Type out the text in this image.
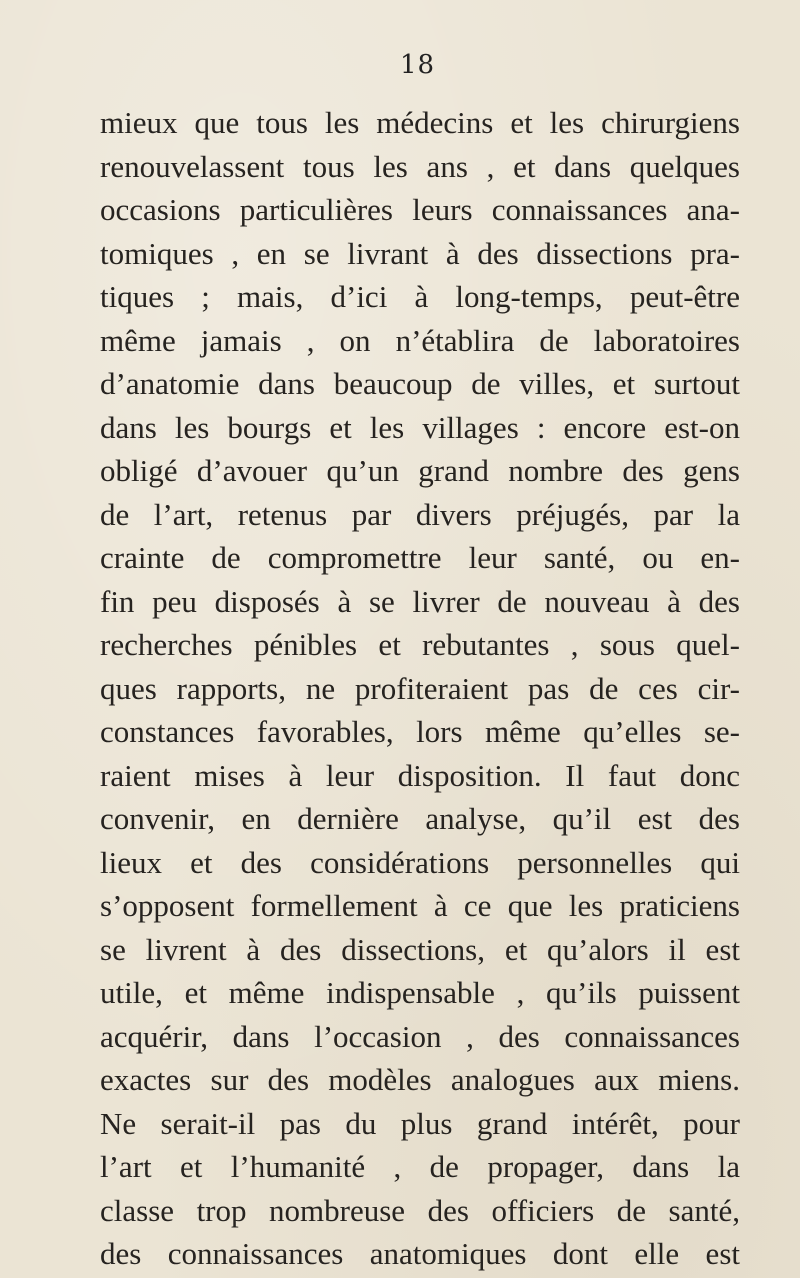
18
mieux que tous les médecins et les chirurgiens
renouvelassent tous les ans , et dans quelques
occasions particulières leurs connaissances ana-
tomiques , en se livrant à des dissections pra-
tiques ; mais, d’ici à long-temps, peut-être
même jamais , on n’établira de laboratoires
d’anatomie dans beaucoup de villes, et surtout
dans les bourgs et les villages : encore est-on
obligé d’avouer qu’un grand nombre des gens
de l’art, retenus par divers préjugés, par la
crainte de compromettre leur santé, ou en-
fin peu disposés à se livrer de nouveau à des
recherches pénibles et rebutantes , sous quel-
ques rapports, ne profiteraient pas de ces cir-
constances favorables, lors même qu’elles se-
raient mises à leur disposition. Il faut donc
convenir, en dernière analyse, qu’il est des
lieux et des considérations personnelles qui
s’opposent formellement à ce que les praticiens
se livrent à des dissections, et qu’alors il est
utile, et même indispensable , qu’ils puissent
acquérir, dans l’occasion , des connaissances
exactes sur des modèles analogues aux miens.
Ne serait-il pas du plus grand intérêt, pour
l’art et l’humanité , de propager, dans la
classe trop nombreuse des officiers de santé,
des connaissances anatomiques dont elle est
